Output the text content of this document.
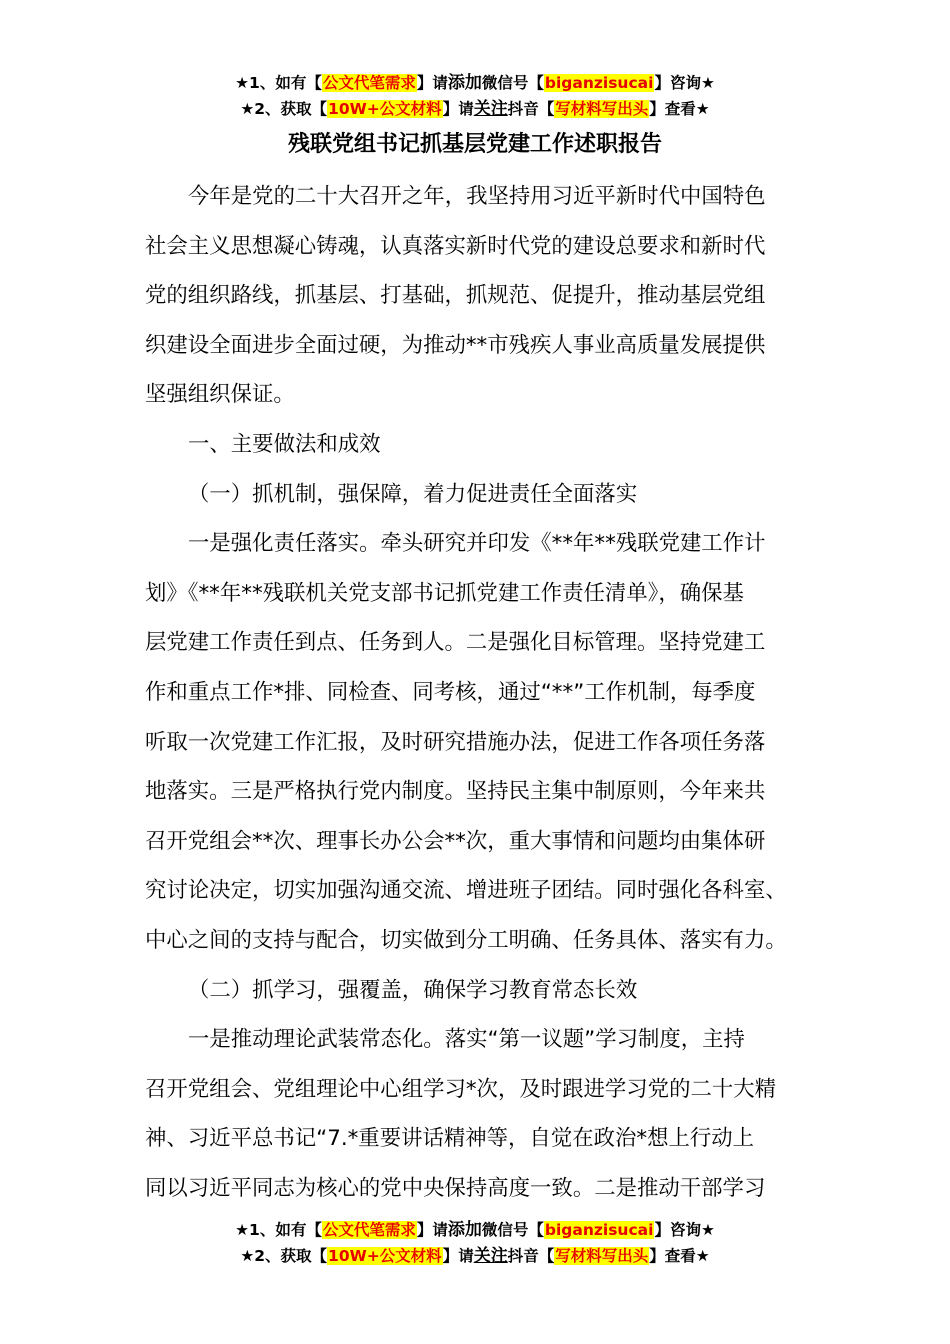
★1、如有【公文代笔需求】请添加微信号【biganzisucai】咨询★
★2、获取【10W+公文材料】请关注抖音【写材料写出头】查看★
残联党组书记抓基层党建工作述职报告
今年是党的二十大召开之年，我坚持用习近平新时代中国特色
社会主义思想凝心铸魂，认真落实新时代党的建设总要求和新时代
党的组织路线，抓基层、打基础，抓规范、促提升，推动基层党组
织建设全面进步全面过硬，为推动**市残疾人事业高质量发展提供
坚强组织保证。
一、主要做法和成效
（一）抓机制，强保障，着力促进责任全面落实
一是强化责任落实。牵头研究并印发《**年**残联党建工作计
划》《**年**残联机关党支部书记抓党建工作责任清单》，确保基
层党建工作责任到点、任务到人。二是强化目标管理。坚持党建工
作和重点工作*排、同检查、同考核，通过“**”工作机制，每季度
听取一次党建工作汇报，及时研究措施办法，促进工作各项任务落
地落实。三是严格执行党内制度。坚持民主集中制原则，今年来共
召开党组会**次、理事长办公会**次，重大事情和问题均由集体研
究讨论决定，切实加强沟通交流、增进班子团结。同时强化各科室、
中心之间的支持与配合，切实做到分工明确、任务具体、落实有力。
（二）抓学习，强覆盖，确保学习教育常态长效
一是推动理论武装常态化。落实“第一议题”学习制度，主持
召开党组会、党组理论中心组学习*次，及时跟进学习党的二十大精
神、习近平总书记“7.*重要讲话精神等，自觉在政治*想上行动上
同以习近平同志为核心的党中央保持高度一致。二是推动干部学习
★1、如有【公文代笔需求】请添加微信号【biganzisucai】咨询★
★2、获取【10W+公文材料】请关注抖音【写材料写出头】查看★
